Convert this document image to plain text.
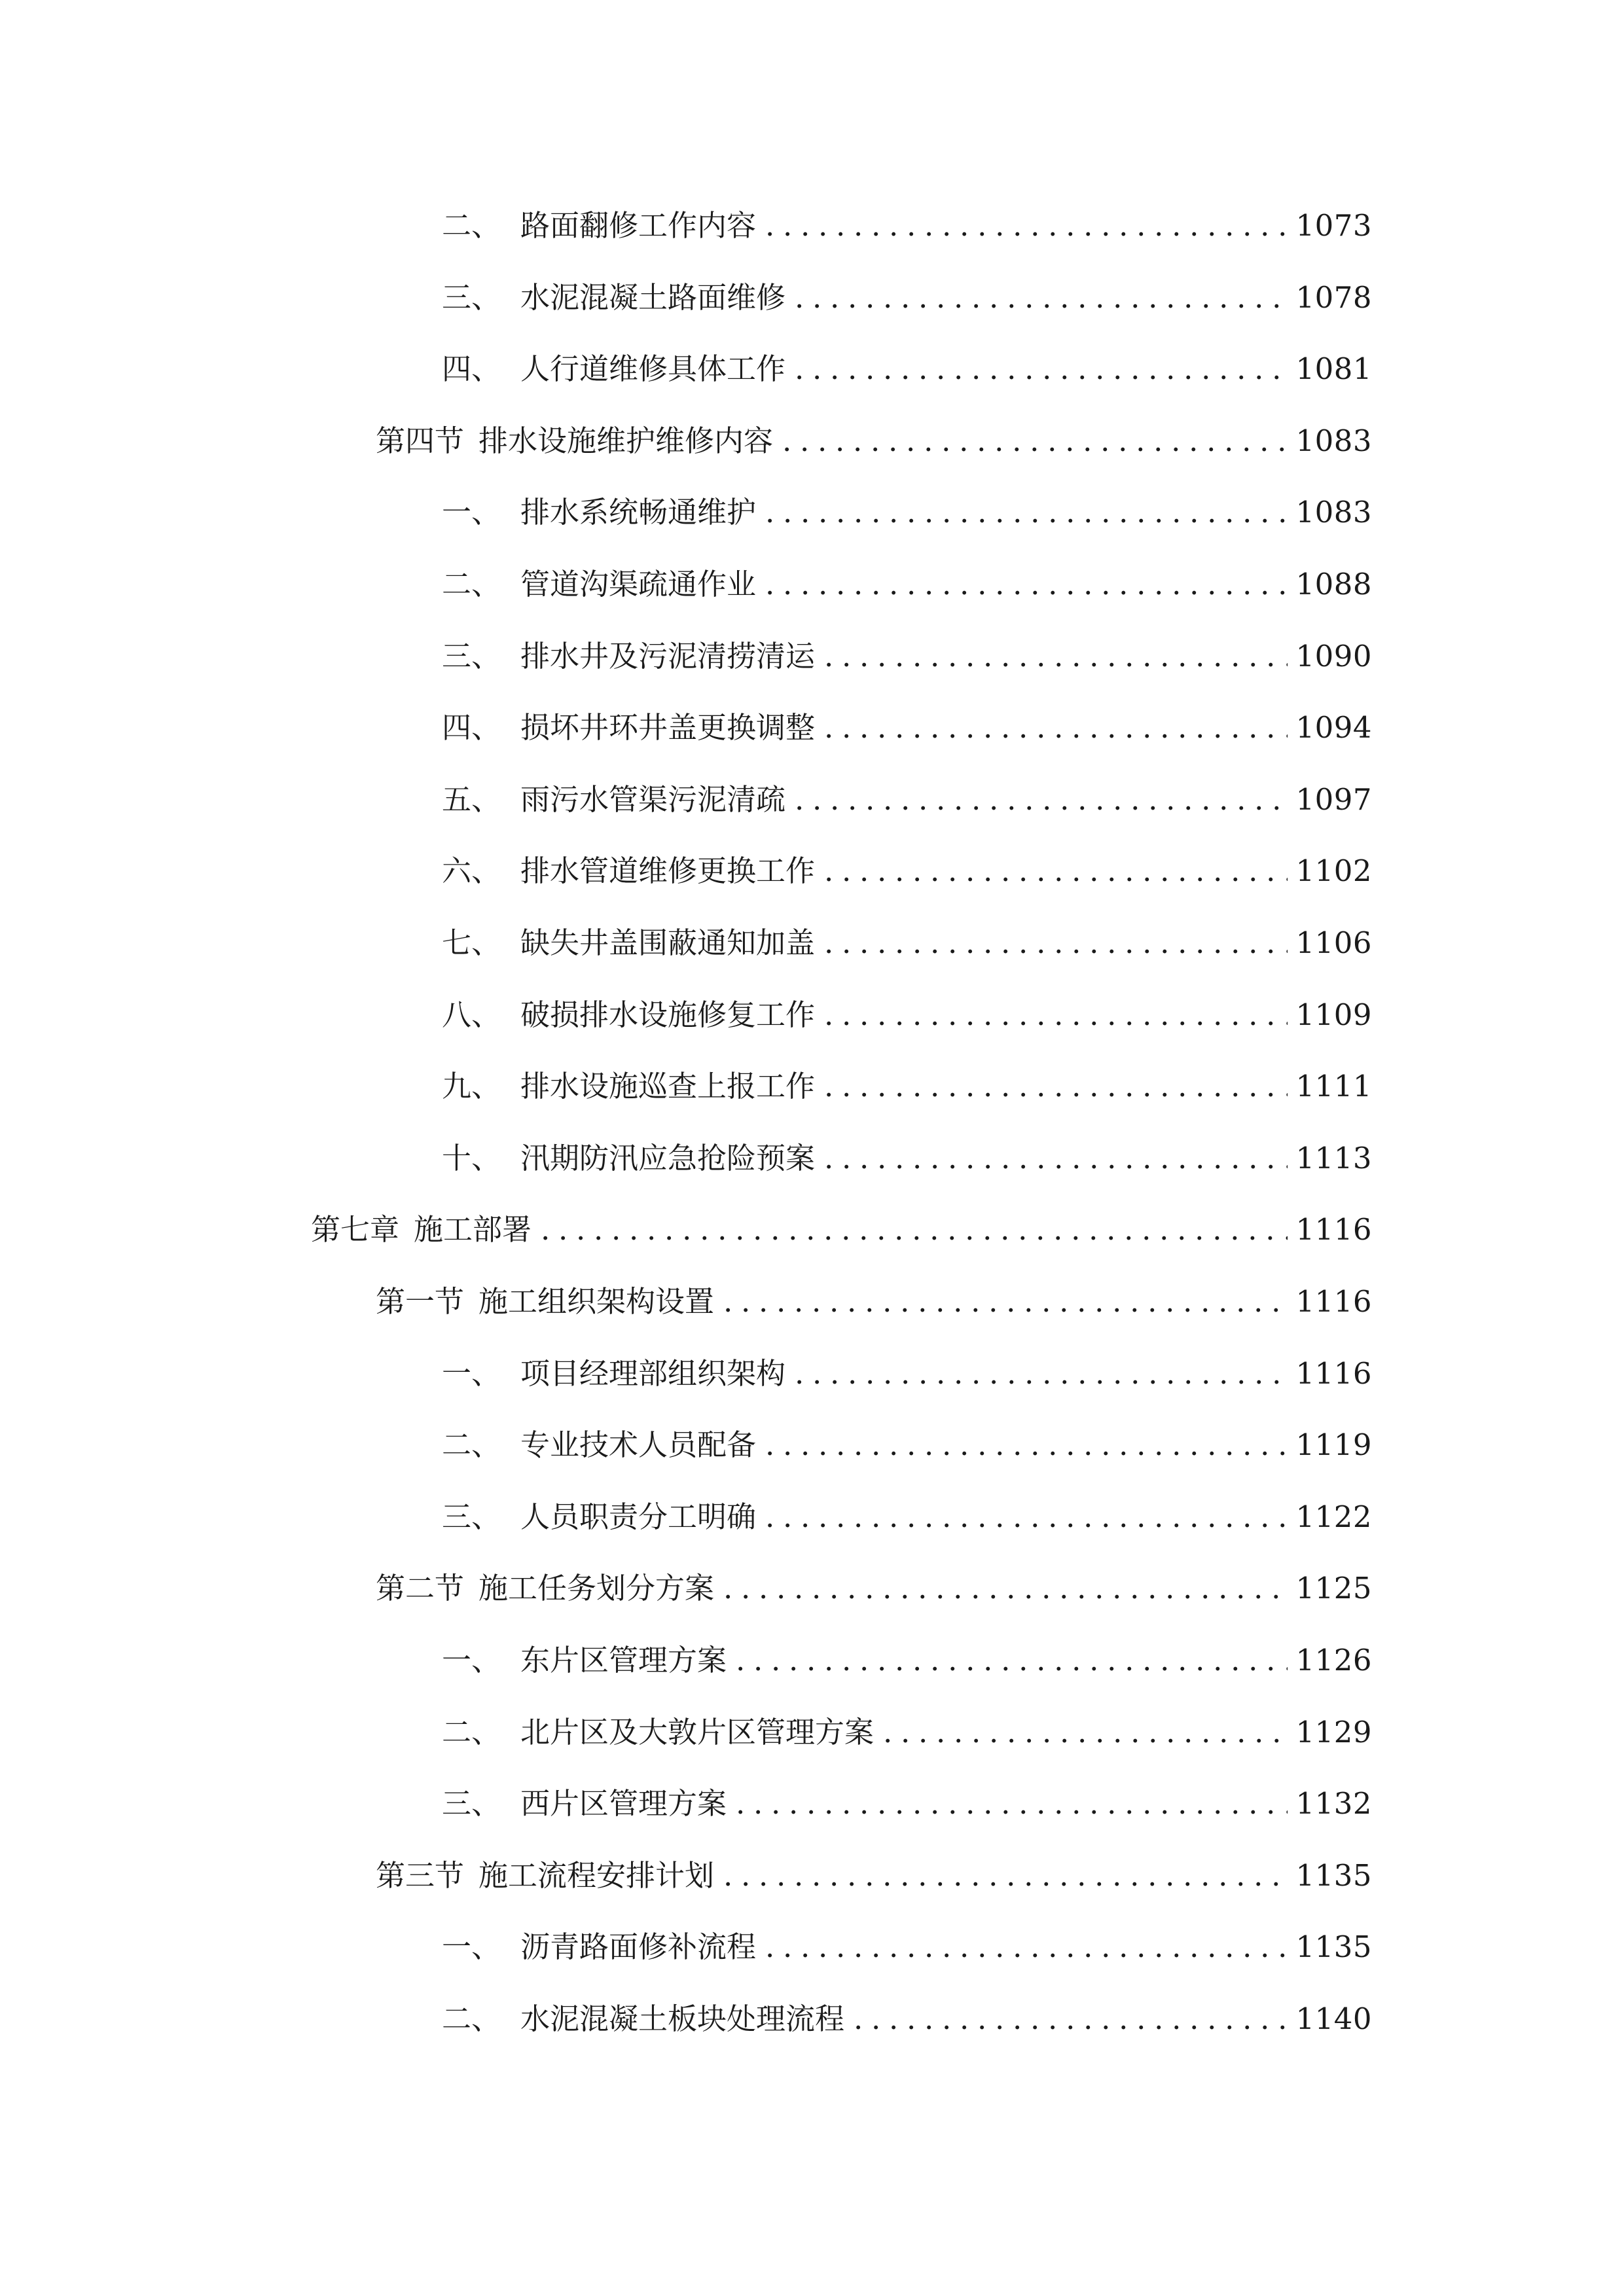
二、 路面翻修工作内容 .....	1073
三、 水泥混凝土路面维修 .....	1078
四、 人行道维修具体工作 .....	1081
第四节 排水设施维护维修内容 .....	1083
一、 排水系统畅通维护 .....	1083
二、 管道沟渠疏通作业 .....	1088
三、 排水井及污泥清捞清运 .....	1090
四、 损坏井环井盖更换调整 .....	1094
五、 雨污水管渠污泥清疏 .....	1097
六、 排水管道维修更换工作 .....	1102
七、 缺失井盖围蔽通知加盖 .....	1106
八、 破损排水设施修复工作 .....	1109
九、 排水设施巡查上报工作 .....	1111
十、 汛期防汛应急抢险预案 .....	1113
第七章 施工部署 .....	1116
第一节 施工组织架构设置 .....	1116
一、 项目经理部组织架构 .....	1116
二、 专业技术人员配备 .....	1119
三、 人员职责分工明确 .....	1122
第二节 施工任务划分方案 .....	1125
一、 东片区管理方案 .....	1126
二、 北片区及大敦片区管理方案 .....	1129
三、 西片区管理方案 .....	1132
第三节 施工流程安排计划 .....	1135
一、 沥青路面修补流程 .....	1135
二、 水泥混凝土板块处理流程 .....	1140
